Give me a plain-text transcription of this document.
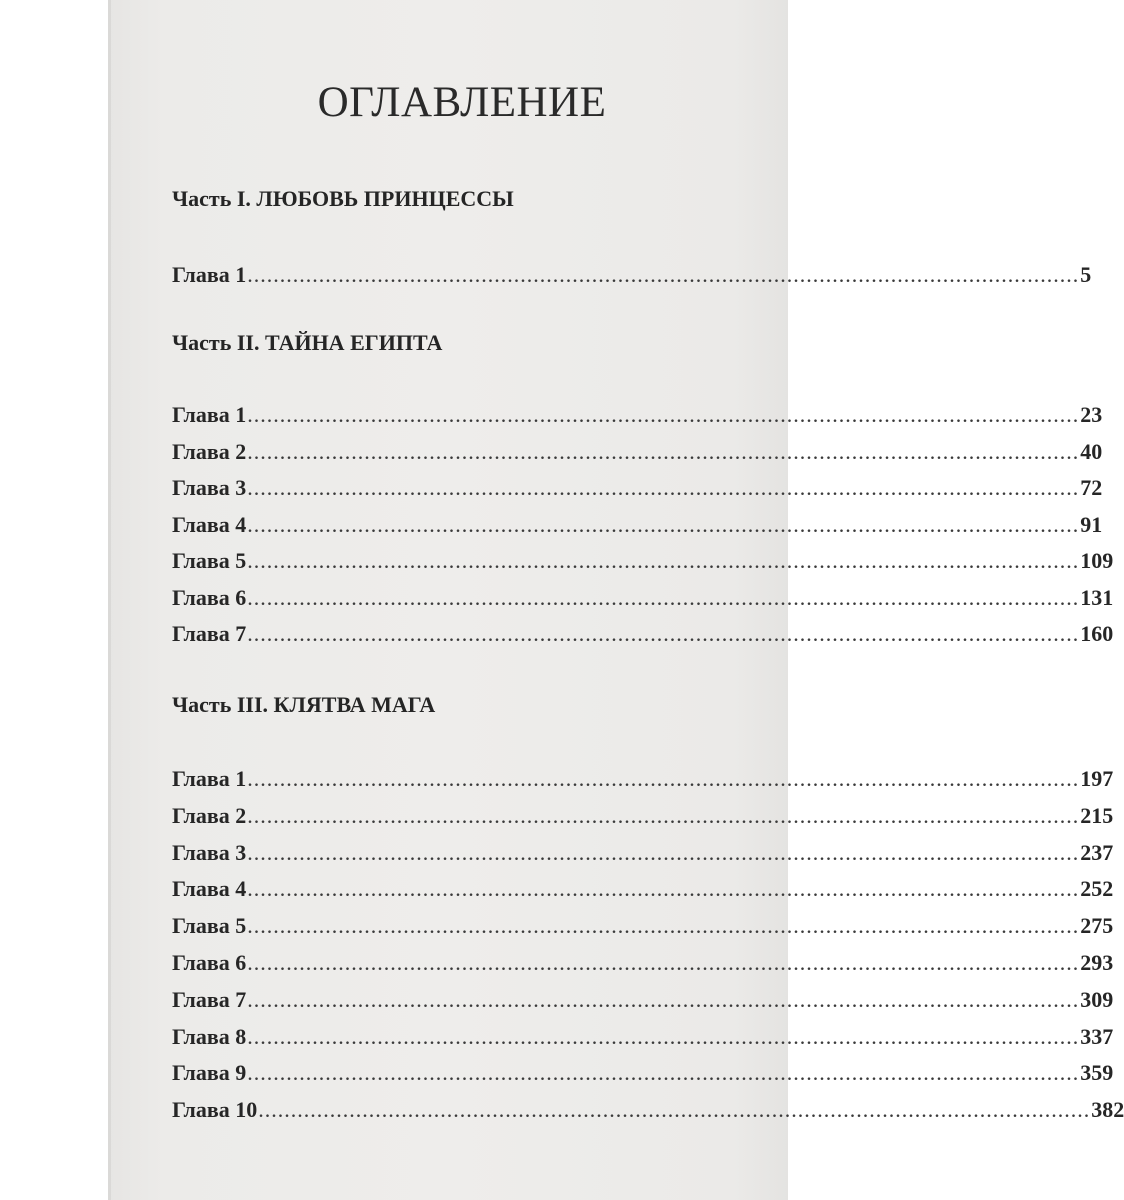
ОГЛАВЛЕНИЕ
Часть I. ЛЮБОВЬ ПРИНЦЕССЫ
Глава 1 ................................................................................................................................ 5
Часть II. ТАЙНА ЕГИПТА
Глава 1 ................................................................................................................................ 23
Глава 2 ................................................................................................................................ 40
Глава 3 ................................................................................................................................ 72
Глава 4 ................................................................................................................................ 91
Глава 5 ................................................................................................................................ 109
Глава 6 ................................................................................................................................ 131
Глава 7 ................................................................................................................................ 160
Часть III. КЛЯТВА МАГА
Глава 1 ................................................................................................................................ 197
Глава 2 ................................................................................................................................ 215
Глава 3 ................................................................................................................................ 237
Глава 4 ................................................................................................................................ 252
Глава 5 ................................................................................................................................ 275
Глава 6 ................................................................................................................................ 293
Глава 7 ................................................................................................................................ 309
Глава 8 ................................................................................................................................ 337
Глава 9 ................................................................................................................................ 359
Глава 10 ................................................................................................................................ 382
